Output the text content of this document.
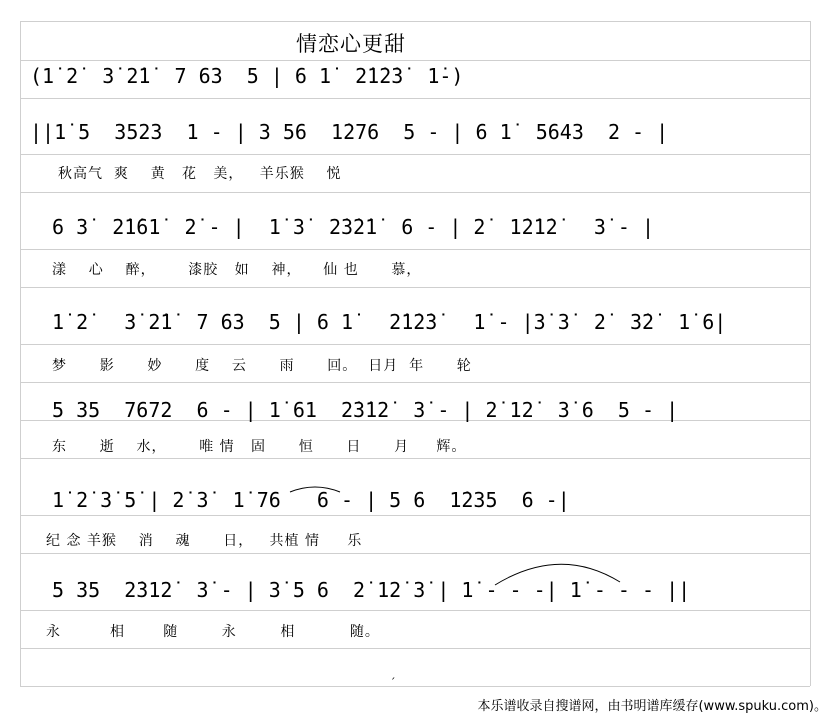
情恋心更甜
(1̇ 2̇  3̇ 2̇1̇  7 63  5 | 6 1̇  2̇1̇2̇3̇  1̇-)
||1̇ 5  3523  1 - | 3 56  1̇276  5 - | 6 1̇  5643  2 - |
秋高气  爽    黄   花   美，   羊乐猴    悦
6 3̇  2̇1̇61̇  2̇ - |  1̇ 3̇  2̇3̇2̇1̇  6 - | 2̇  1̇2̇1̇2̇   3̇ - |
漾    心    醉，      漆胶   如    神，    仙 也      慕，
1̇ 2̇   3̇ 2̇1̇  7 63  5 | 6 1̇   2̇1̇2̇3̇   1̇ - |3̇ 3̇  2̇  3̇2̇  1̇ 6|
梦      影      妙      度    云      雨      回。  日月  年      轮
5 35  7672  6 - | 1̇ 61  2̇3̇12̇  3̇ - | 2̇ 12̇  3̇ 6  5 - |
东      逝    水，      唯 情   固      恒      日      月     辉。
1̇ 2̇ 3̇ 5̇ | 2̇ 3̇  1̇ 76   6 - | 5 6  1̇235  6 -|
纪 念 羊猴    消    魂      日，   共植 情     乐
5 35  2̇312̇  3̇ - | 3̇ 5 6  2̇ 12̇ 3̇ | 1̇ - - -| 1̇ - - - ||
永         相       随        永        相          随。
ˊ
本乐谱收录自搜谱网，由书明谱库缓存(www.spuku.com)。
